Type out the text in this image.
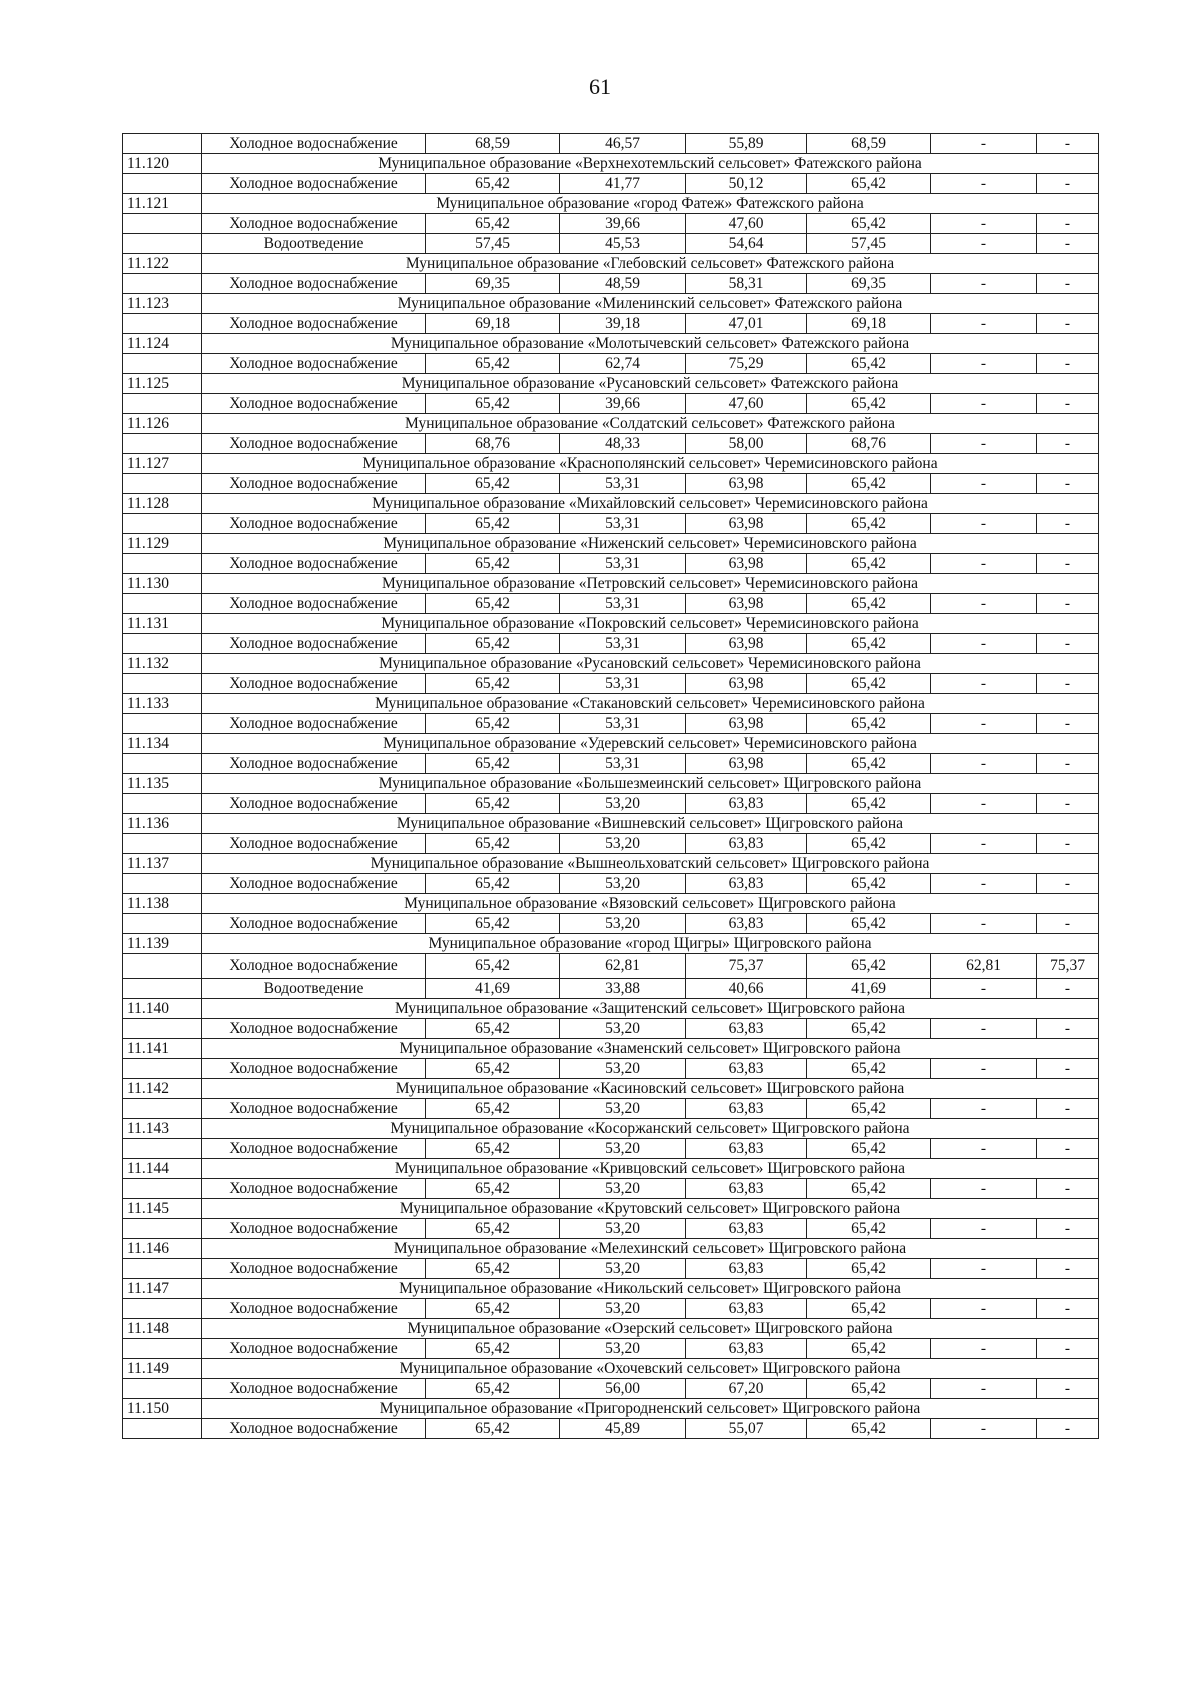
61
	Холодное водоснабжение	68,59	46,57	55,89	68,59	-	-
11.120	Муниципальное образование «Верхнехотемльский сельсовет» Фатежского района						
	Холодное водоснабжение	65,42	41,77	50,12	65,42	-	-
11.121	Муниципальное образование «город Фатеж» Фатежского района						
	Холодное водоснабжение	65,42	39,66	47,60	65,42	-	-
	Водоотведение	57,45	45,53	54,64	57,45	-	-
11.122	Муниципальное образование «Глебовский сельсовет» Фатежского района						
	Холодное водоснабжение	69,35	48,59	58,31	69,35	-	-
11.123	Муниципальное образование «Миленинский сельсовет» Фатежского района						
	Холодное водоснабжение	69,18	39,18	47,01	69,18	-	-
11.124	Муниципальное образование «Молотычевский сельсовет» Фатежского района						
	Холодное водоснабжение	65,42	62,74	75,29	65,42	-	-
11.125	Муниципальное образование «Русановский сельсовет» Фатежского района						
	Холодное водоснабжение	65,42	39,66	47,60	65,42	-	-
11.126	Муниципальное образование «Солдатский сельсовет» Фатежского района						
	Холодное водоснабжение	68,76	48,33	58,00	68,76	-	-
11.127	Муниципальное образование «Краснополянский сельсовет» Черемисиновского района						
	Холодное водоснабжение	65,42	53,31	63,98	65,42	-	-
11.128	Муниципальное образование «Михайловский сельсовет» Черемисиновского района						
	Холодное водоснабжение	65,42	53,31	63,98	65,42	-	-
11.129	Муниципальное образование «Ниженский сельсовет» Черемисиновского района						
	Холодное водоснабжение	65,42	53,31	63,98	65,42	-	-
11.130	Муниципальное образование «Петровский сельсовет» Черемисиновского района						
	Холодное водоснабжение	65,42	53,31	63,98	65,42	-	-
11.131	Муниципальное образование «Покровский сельсовет» Черемисиновского района						
	Холодное водоснабжение	65,42	53,31	63,98	65,42	-	-
11.132	Муниципальное образование «Русановский сельсовет» Черемисиновского района						
	Холодное водоснабжение	65,42	53,31	63,98	65,42	-	-
11.133	Муниципальное образование «Стакановский сельсовет» Черемисиновского района						
	Холодное водоснабжение	65,42	53,31	63,98	65,42	-	-
11.134	Муниципальное образование «Удеревский сельсовет» Черемисиновского района						
	Холодное водоснабжение	65,42	53,31	63,98	65,42	-	-
11.135	Муниципальное образование «Большезмеинский сельсовет» Щигровского района						
	Холодное водоснабжение	65,42	53,20	63,83	65,42	-	-
11.136	Муниципальное образование «Вишневский сельсовет» Щигровского района						
	Холодное водоснабжение	65,42	53,20	63,83	65,42	-	-
11.137	Муниципальное образование «Вышнеольховатский сельсовет» Щигровского района						
	Холодное водоснабжение	65,42	53,20	63,83	65,42	-	-
11.138	Муниципальное образование «Вязовский сельсовет» Щигровского района						
	Холодное водоснабжение	65,42	53,20	63,83	65,42	-	-
11.139	Муниципальное образование «город Щигры» Щигровского района						
	Холодное водоснабжение	65,42	62,81	75,37	65,42	62,81	75,37
	Водоотведение	41,69	33,88	40,66	41,69	-	-
11.140	Муниципальное образование «Защитенский сельсовет» Щигровского района						
	Холодное водоснабжение	65,42	53,20	63,83	65,42	-	-
11.141	Муниципальное образование «Знаменский сельсовет» Щигровского района						
	Холодное водоснабжение	65,42	53,20	63,83	65,42	-	-
11.142	Муниципальное образование «Касиновский сельсовет» Щигровского района						
	Холодное водоснабжение	65,42	53,20	63,83	65,42	-	-
11.143	Муниципальное образование «Косоржанский сельсовет» Щигровского района						
	Холодное водоснабжение	65,42	53,20	63,83	65,42	-	-
11.144	Муниципальное образование «Кривцовский сельсовет» Щигровского района						
	Холодное водоснабжение	65,42	53,20	63,83	65,42	-	-
11.145	Муниципальное образование «Крутовский сельсовет» Щигровского района						
	Холодное водоснабжение	65,42	53,20	63,83	65,42	-	-
11.146	Муниципальное образование «Мелехинский сельсовет» Щигровского района						
	Холодное водоснабжение	65,42	53,20	63,83	65,42	-	-
11.147	Муниципальное образование «Никольский сельсовет» Щигровского района						
	Холодное водоснабжение	65,42	53,20	63,83	65,42	-	-
11.148	Муниципальное образование «Озерский сельсовет» Щигровского района						
	Холодное водоснабжение	65,42	53,20	63,83	65,42	-	-
11.149	Муниципальное образование «Охочевский сельсовет» Щигровского района						
	Холодное водоснабжение	65,42	56,00	67,20	65,42	-	-
11.150	Муниципальное образование «Пригородненский сельсовет» Щигровского района						
	Холодное водоснабжение	65,42	45,89	55,07	65,42	-	-
